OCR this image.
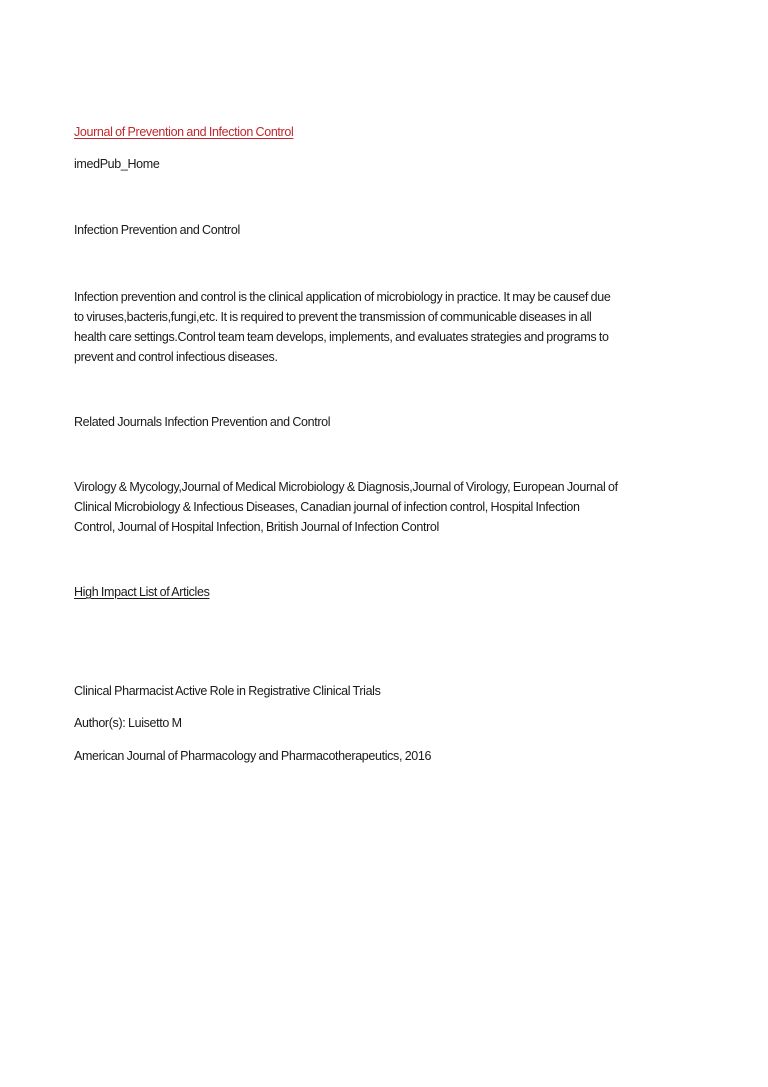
Journal of Prevention and Infection Control
imedPub_Home
Infection Prevention and Control
Infection prevention and control is the clinical application of microbiology in practice. It may be causef due
to viruses,bacteris,fungi,etc. It is required to prevent the transmission of communicable diseases in all
health care settings.Control team team develops, implements, and evaluates strategies and programs to
prevent and control infectious diseases.
Related Journals Infection Prevention and Control
Virology & Mycology,Journal of Medical Microbiology & Diagnosis,Journal of Virology, European Journal of
Clinical Microbiology & Infectious Diseases, Canadian journal of infection control, Hospital Infection
Control, Journal of Hospital Infection, British Journal of Infection Control
High Impact List of Articles
Clinical Pharmacist Active Role in Registrative Clinical Trials
Author(s): Luisetto M
American Journal of Pharmacology and Pharmacotherapeutics, 2016
